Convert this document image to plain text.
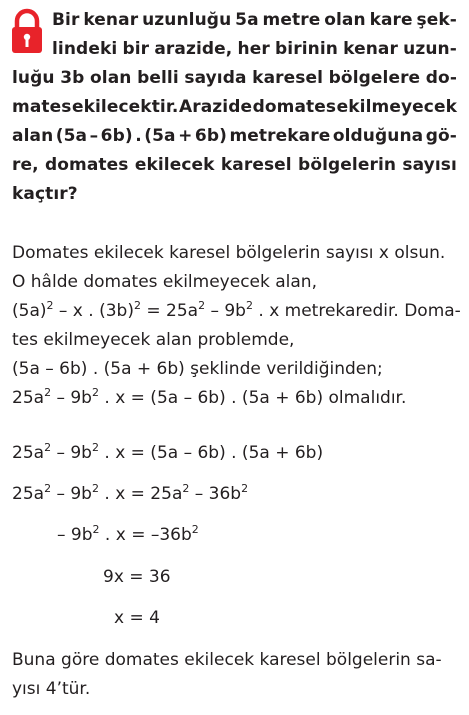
Bir kenar uzunluğu 5a metre olan kare şek-
lindeki bir arazide, her birinin kenar uzun-
luğu 3b olan belli sayıda karesel bölgelere do-
mates ekilecektir. Arazide domates ekilmeyecek
alan (5a – 6b) . (5a + 6b) metrekare olduğuna gö-
re, domates ekilecek karesel bölgelerin sayısı
kaçtır?
Domates ekilecek karesel bölgelerin sayısı x olsun.
O hâlde domates ekilmeyecek alan,
$(5a)^2$ – x . $(3b)^2 = 25a^2 - 9b^2$ . x metrekaredir. Doma-
tes ekilmeyecek alan problemde,
(5a – 6b) . (5a + 6b) şeklinde verildiğinden;
$25a^2 - 9b^2$ . x = (5a – 6b) . (5a + 6b) olmalıdır.
$25a^2 - 9b^2$ . x = (5a – 6b) . (5a + 6b)
$25a^2 - 9b^2$ . $x = 25a^2 - 36b^2$
– $9b^2$ . $x = -36b^2$
9x = 36
x = 4
Buna göre domates ekilecek karesel bölgelerin sa-
yısı 4’tür.
